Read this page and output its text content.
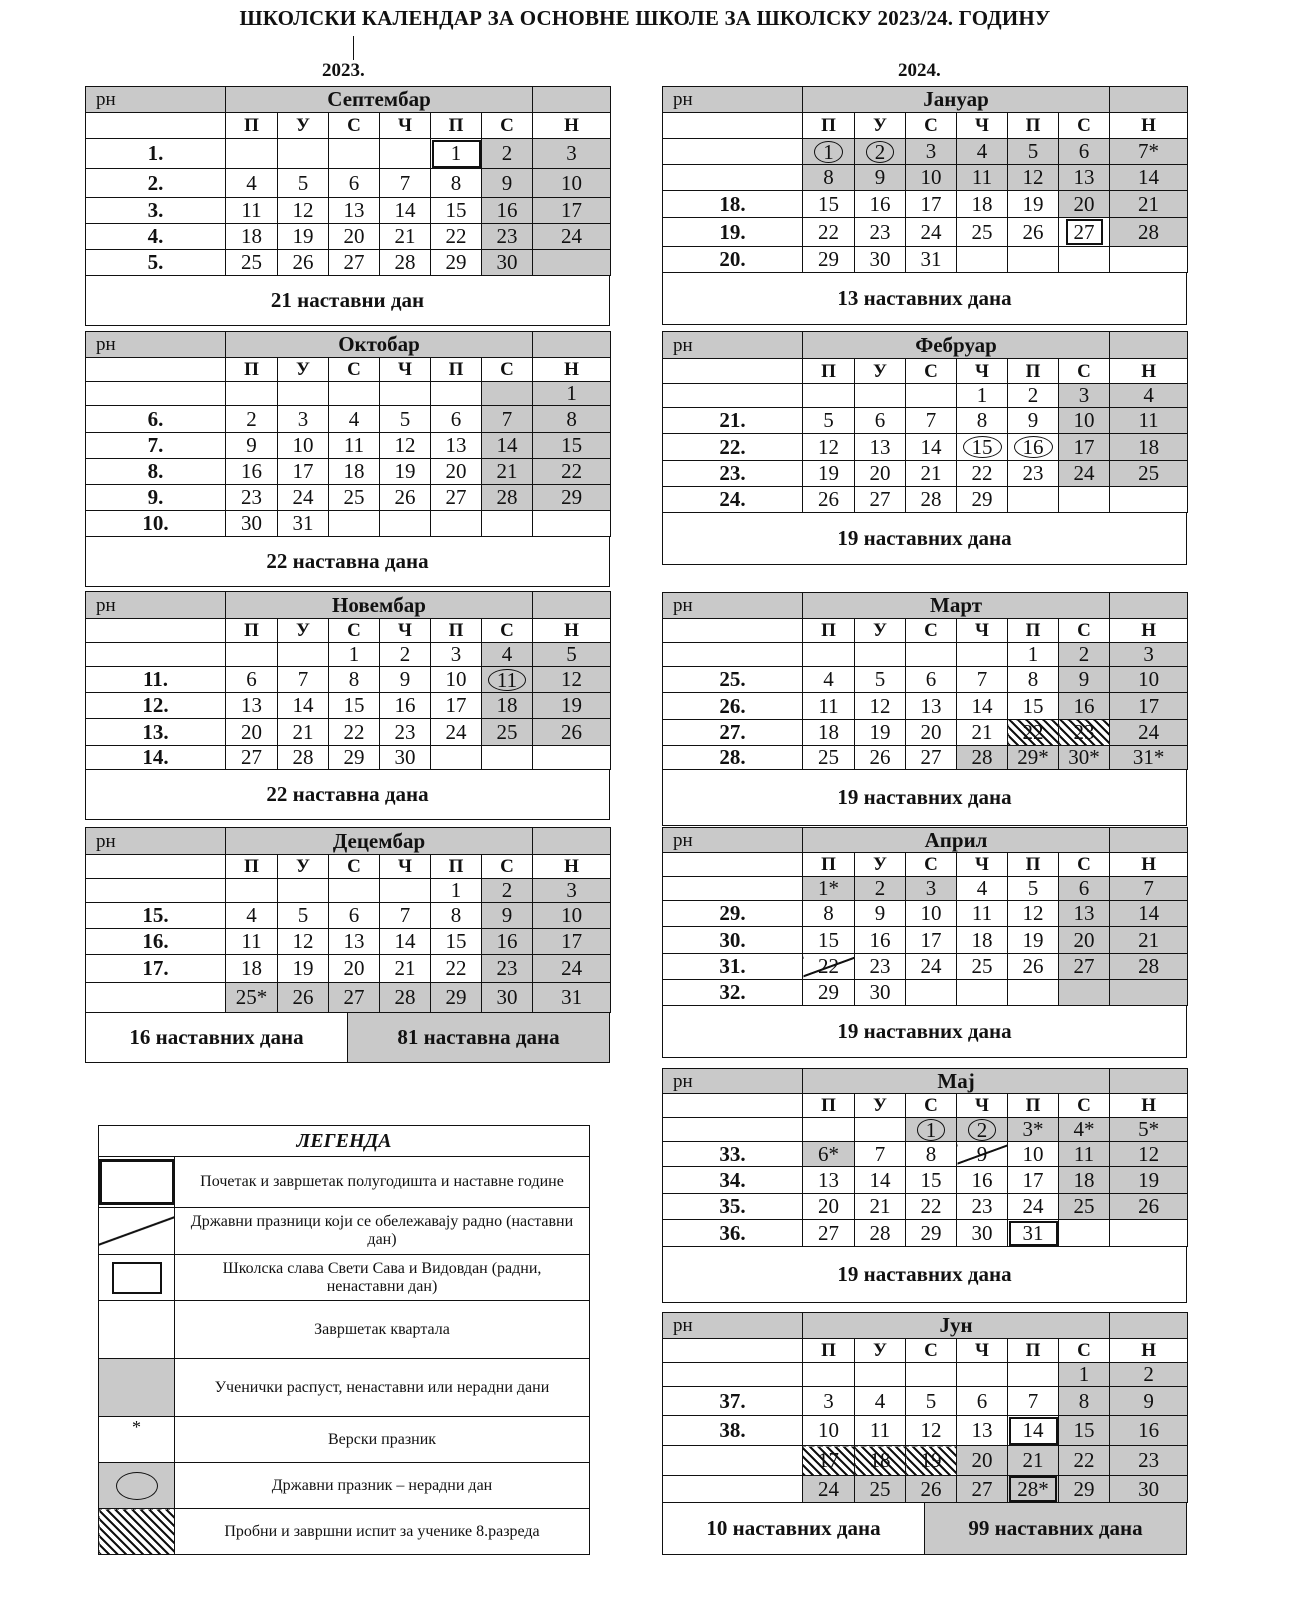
ШКОЛСКИ КАЛЕНДАР ЗА ОСНОВНЕ ШКОЛЕ ЗА ШКОЛСКУ 2023/24. ГОДИНУ
2023.	2024.
рн	Септембар						
	П	У	С	Ч	П	С	Н
1.					1	2	3
2.	4	5	6	7	8	9	10
3.	11	12	13	14	15	16	17
4.	18	19	20	21	22	23	24
5.	25	26	27	28	29	30	
21 наставни дан
рн	Октобар						
	П	У	С	Ч	П	С	Н
							1
6.	2	3	4	5	6	7	8
7.	9	10	11	12	13	14	15
8.	16	17	18	19	20	21	22
9.	23	24	25	26	27	28	29
10.	30	31					
22 наставна дана
рн	Новембар						
	П	У	С	Ч	П	С	Н
			1	2	3	4	5
11.	6	7	8	9	10	11	12
12.	13	14	15	16	17	18	19
13.	20	21	22	23	24	25	26
14.	27	28	29	30			
22 наставна дана
рн	Децембар						
	П	У	С	Ч	П	С	Н
					1	2	3
15.	4	5	6	7	8	9	10
16.	11	12	13	14	15	16	17
17.	18	19	20	21	22	23	24
	25*	26	27	28	29	30	31
16 наставних дана	81 наставна дана
рн	Јануар						
	П	У	С	Ч	П	С	Н
	1	2	3	4	5	6	7*
	8	9	10	11	12	13	14
18.	15	16	17	18	19	20	21
19.	22	23	24	25	26	27	28
20.	29	30	31				
13 наставних дана
рн	Фебруар						
	П	У	С	Ч	П	С	Н
				1	2	3	4
21.	5	6	7	8	9	10	11
22.	12	13	14	15	16	17	18
23.	19	20	21	22	23	24	25
24.	26	27	28	29			
19 наставних дана
рн	Март						
	П	У	С	Ч	П	С	Н
					1	2	3
25.	4	5	6	7	8	9	10
26.	11	12	13	14	15	16	17
27.	18	19	20	21	22	23	24
28.	25	26	27	28	29*	30*	31*
19 наставних дана
рн	Април						
	П	У	С	Ч	П	С	Н
	1*	2	3	4	5	6	7
29.	8	9	10	11	12	13	14
30.	15	16	17	18	19	20	21
31.	22	23	24	25	26	27	28
32.	29	30					
19 наставних дана
рн	Мај						
	П	У	С	Ч	П	С	Н
			1	2	3*	4*	5*
33.	6*	7	8	9	10	11	12
34.	13	14	15	16	17	18	19
35.	20	21	22	23	24	25	26
36.	27	28	29	30	31		
19 наставних дана
рн	Јун						
	П	У	С	Ч	П	С	Н
						1	2
37.	3	4	5	6	7	8	9
38.	10	11	12	13	14	15	16
	17	18	19	20	21	22	23
	24	25	26	27	28*	29	30
10 наставних дана	99 наставних дана
ЛЕГЕНДА	

	Почетак и завршетак полугодишта и наставне године

	Државни празници који се обележавају радно (наставни дан)

	Школска слава Свети Сава и Видовдан (радни, ненаставни дан)
	Завршетак квартала
	Ученички распуст, ненаставни или нерадни дани
*	Верски празник

	Државни празник – нерадни дан
	Пробни и завршни испит за ученике 8.разреда
